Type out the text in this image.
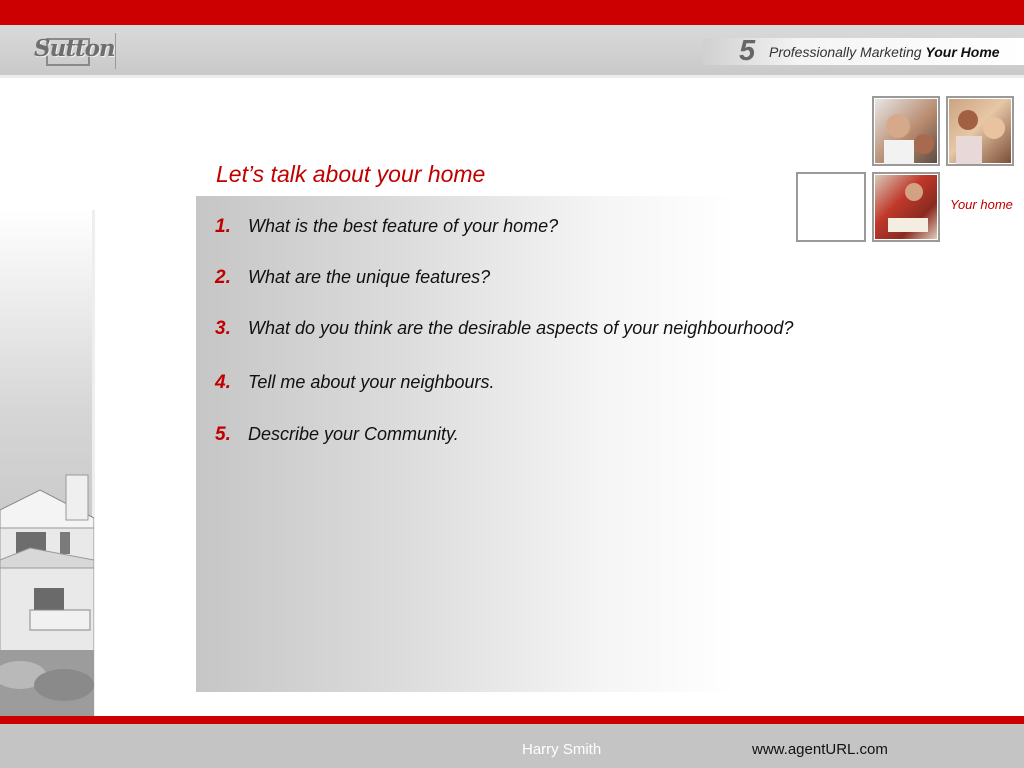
Sutton	5 Professionally Marketing Your Home
Let’s talk about your home
1. What is the best feature of your home?
2. What are the unique features?
3. What do you think are the desirable aspects of your neighbourhood?
4. Tell me about your neighbours.
5. Describe your Community.
Your home
Harry Smith	www.agentURL.com
